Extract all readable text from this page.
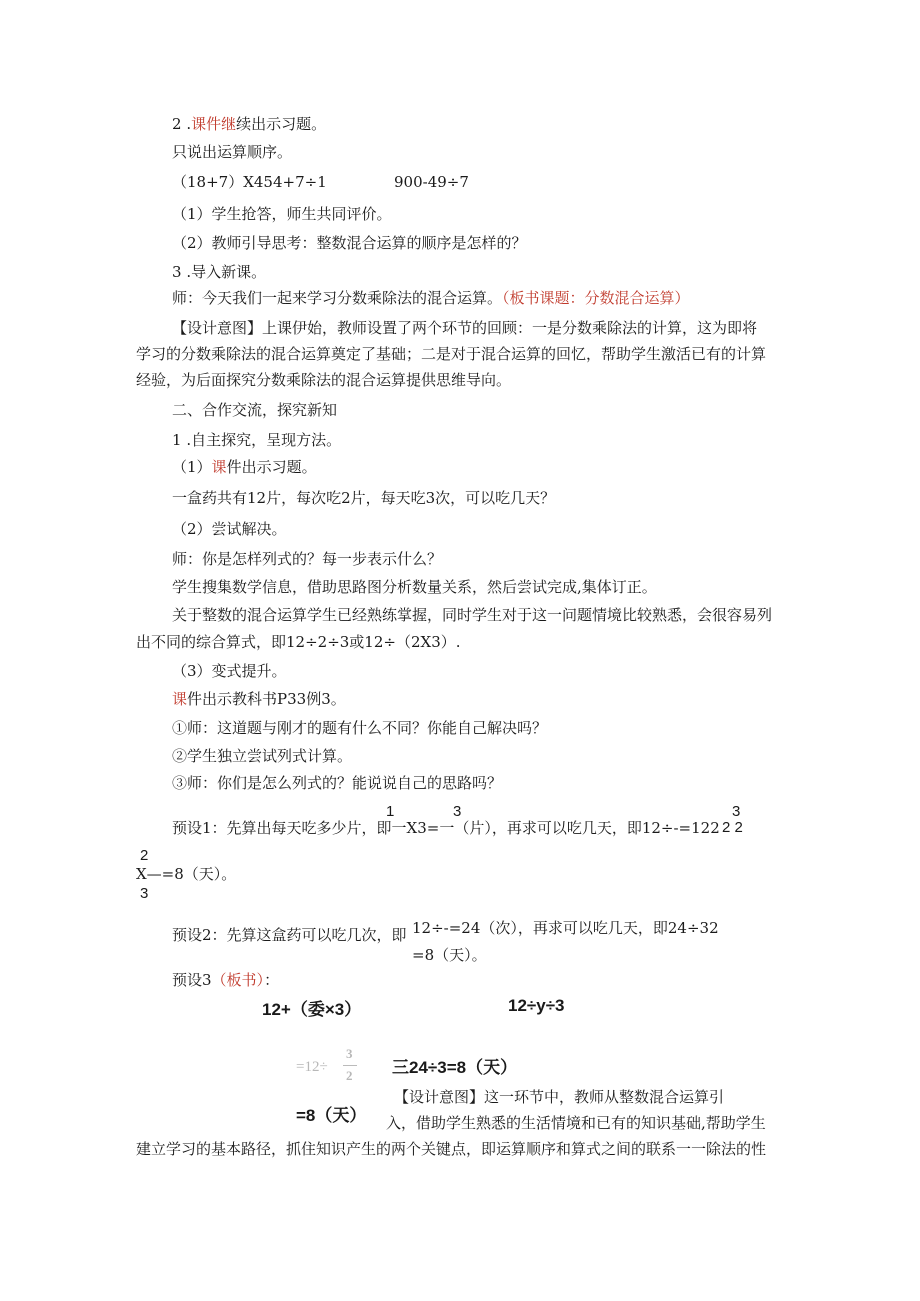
2 .课件继续出示习题。
只说出运算顺序。
（18+7）X454+7÷1	900-49÷7
（1）学生抢答，师生共同评价。
（2）教师引导思考：整数混合运算的顺序是怎样的？
3 .导入新课。
师：今天我们一起来学习分数乘除法的混合运算。（板书课题：分数混合运算）
【设计意图】上课伊始，教师设置了两个环节的回顾：一是分数乘除法的计算，这为即将
学习的分数乘除法的混合运算奠定了基础；二是对于混合运算的回忆，帮助学生激活已有的计算
经验，为后面探究分数乘除法的混合运算提供思维导向。
二、合作交流，探究新知
1 .自主探究，呈现方法。
（1）课件出示习题。
一盒药共有12片，每次吃2片，每天吃3次，可以吃几天？
（2）尝试解决。
师：你是怎样列式的？每一步表示什么？
学生搜集数学信息，借助思路图分析数量关系，然后尝试完成,集体订正。
关于整数的混合运算学生已经熟练掌握，同时学生对于这一问题情境比较熟悉，会很容易列
出不同的综合算式，即12÷2÷3或12÷（2X3）.
（3）变式提升。
课件出示教科书P33例3。
①师：这道题与刚才的题有什么不同？你能自己解决吗？
②学生独立尝试列式计算。
③师：你们是怎么列式的？能说说自己的思路吗？
1	3	3
预设1：先算出每天吃多少片，即一X3=一（片），再求可以吃几天，即12÷-=122 2 2
2
X—=8（天）。
3
预设2：先算这盒药可以吃几次，即 12÷-=24（次），再求可以吃几天，即24÷32
=8（天）。
预设3（板书）：
12+（委×3）	12÷y÷3
=12÷
3
2 三24÷3=8（天）
=8（天）
【设计意图】这一环节中，教师从整数混合运算引
入，借助学生熟悉的生活情境和已有的知识基础,帮助学生
建立学习的基本路径，抓住知识产生的两个关键点，即运算顺序和算式之间的联系一一除法的性
